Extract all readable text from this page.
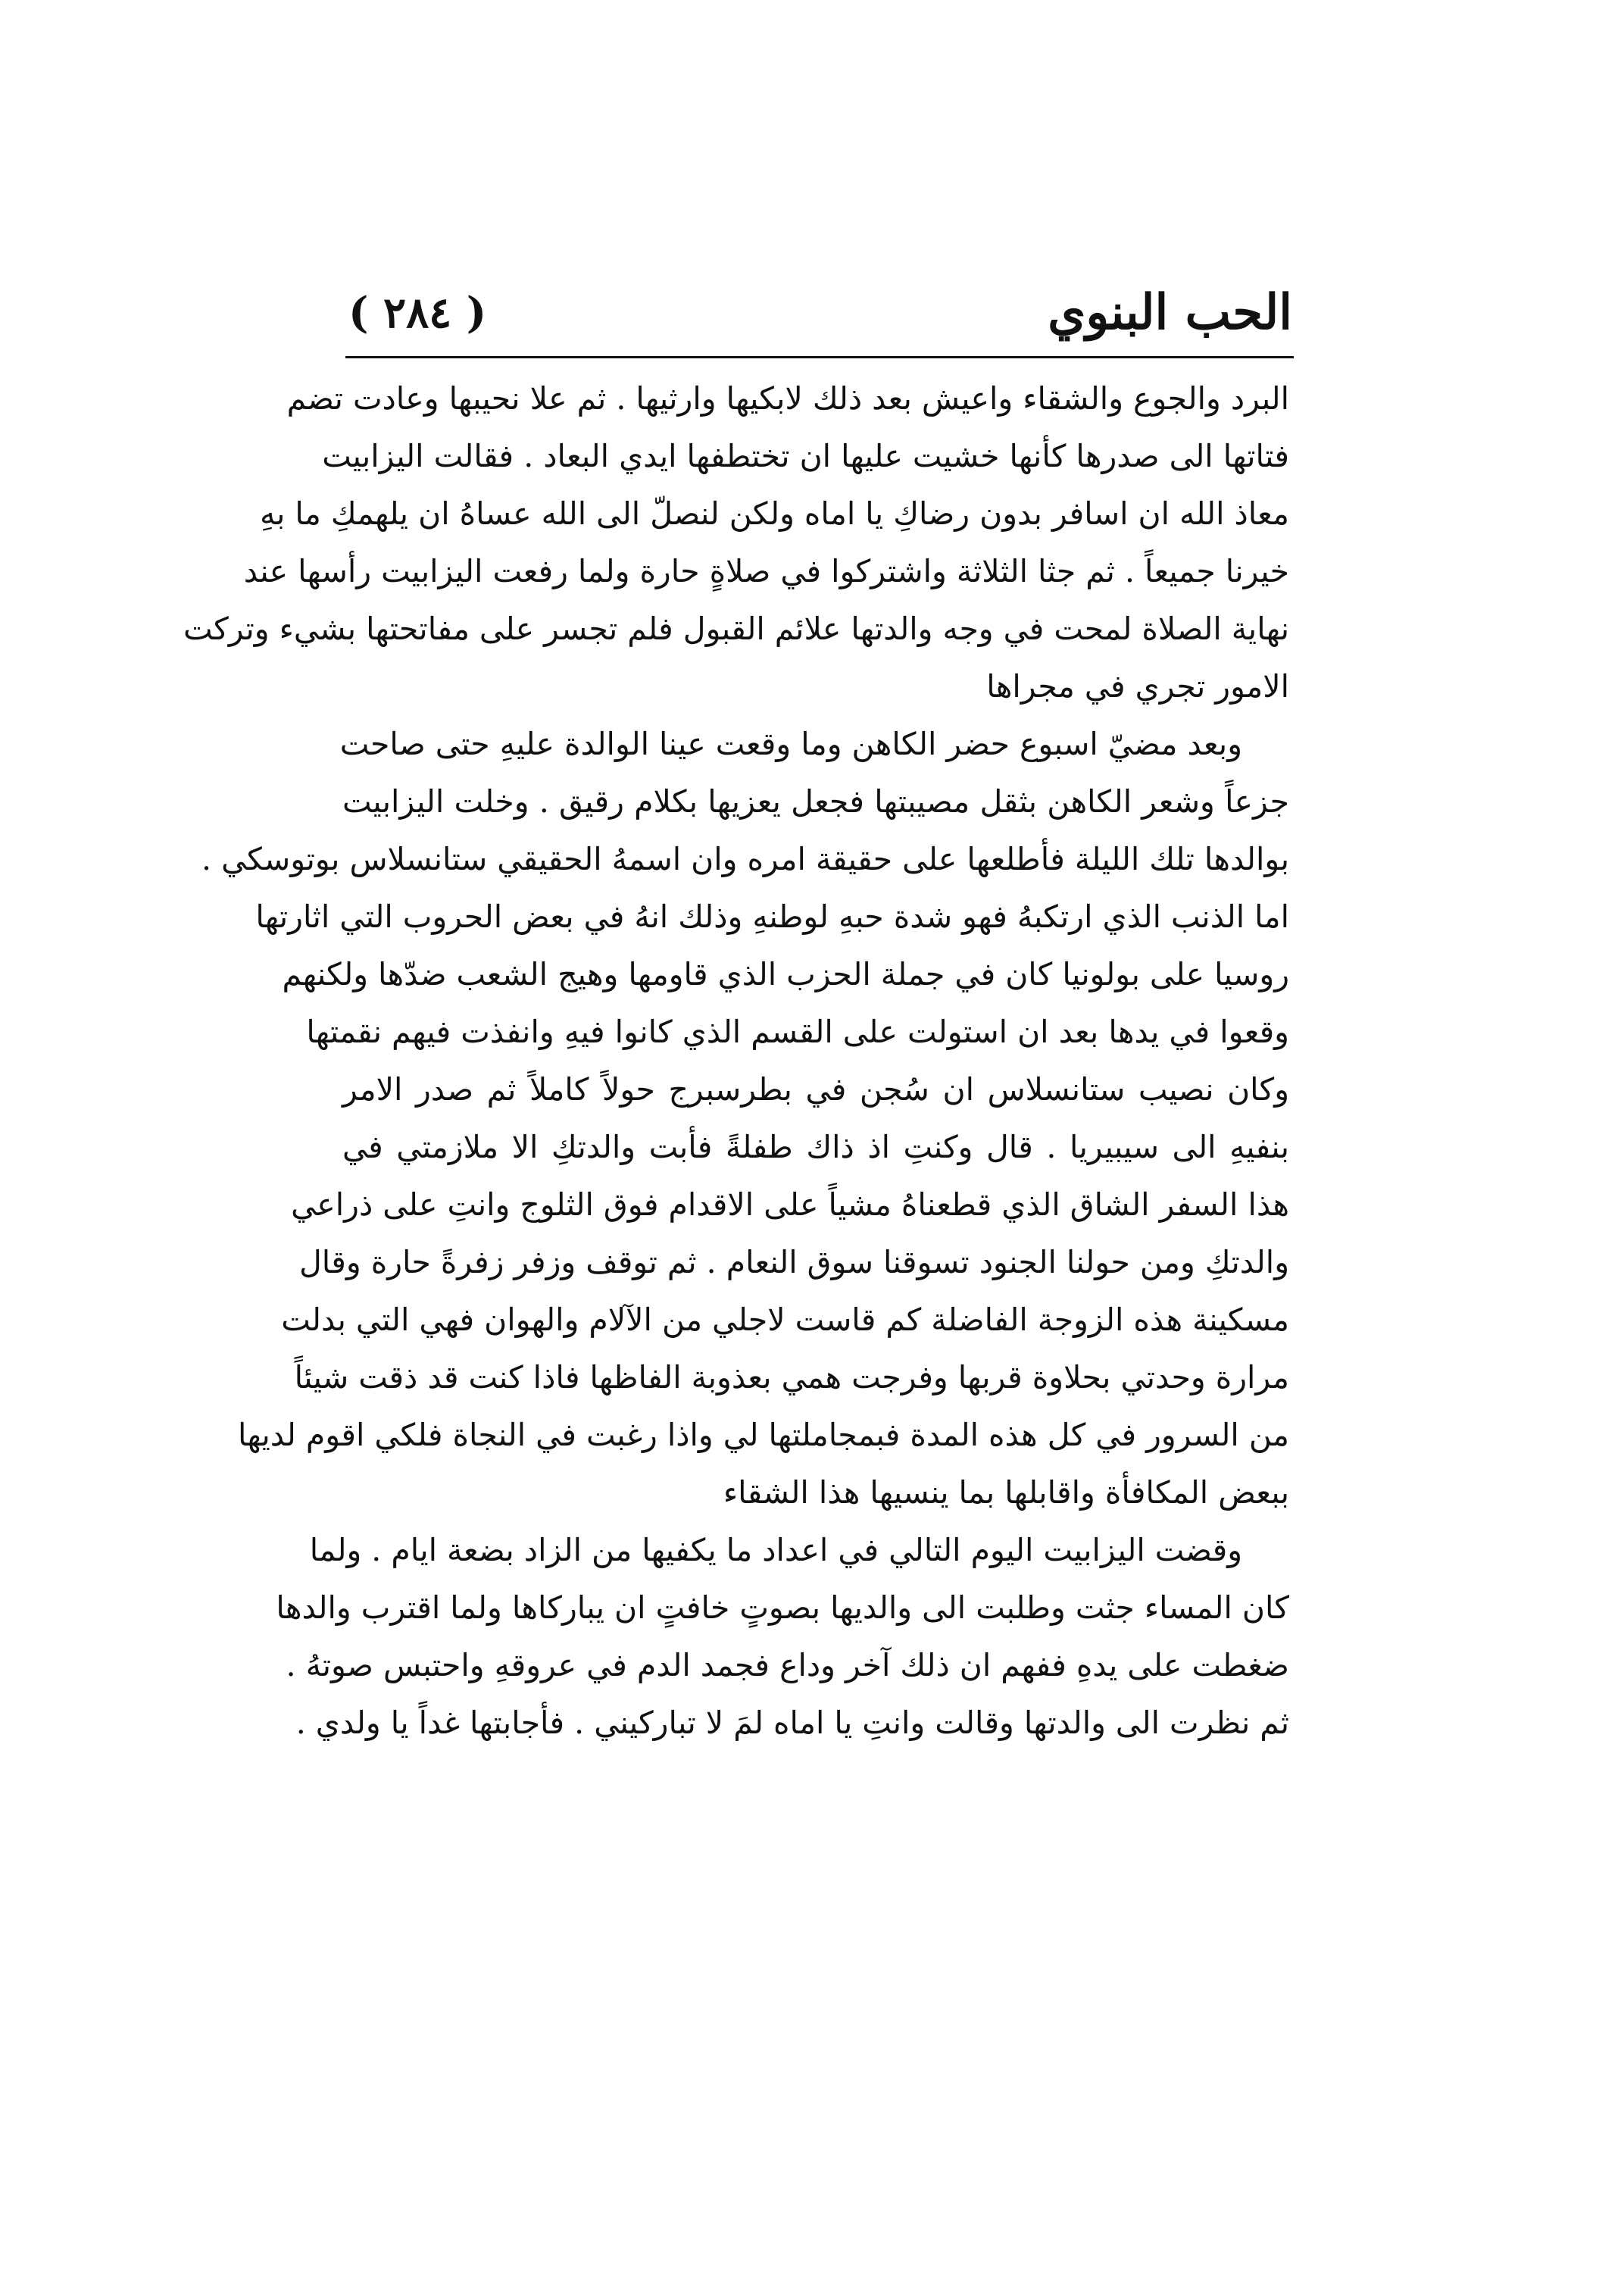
( ٢٨٤ )	الحب البنوي
البرد والجوع والشقاء واعيش بعد ذلك لابكيها وارثيها . ثم علا نحيبها وعادت تضم
فتاتها الى صدرها كأنها خشيت عليها ان تختطفها ايدي البعاد . فقالت اليزابيت
معاذ الله ان اسافر بدون رضاكِ يا اماه ولكن لنصلّ الى الله عساهُ ان يلهمكِ ما بهِ
خيرنا جميعاً . ثم جثا الثلاثة واشتركوا في صلاةٍ حارة ولما رفعت اليزابيت رأسها عند
نهاية الصلاة لمحت في وجه والدتها علائم القبول فلم تجسر على مفاتحتها بشيء وتركت
الامور تجري في مجراها
وبعد مضيّ اسبوع حضر الكاهن وما وقعت عينا الوالدة عليهِ حتى صاحت
جزعاً وشعر الكاهن بثقل مصيبتها فجعل يعزيها بكلام رقيق . وخلت اليزابيت
بوالدها تلك الليلة فأطلعها على حقيقة امره وان اسمهُ الحقيقي ستانسلاس بوتوسكي .
اما الذنب الذي ارتكبهُ فهو شدة حبهِ لوطنهِ وذلك انهُ في بعض الحروب التي اثارتها
روسيا على بولونيا كان في جملة الحزب الذي قاومها وهيج الشعب ضدّها ولكنهم
وقعوا في يدها بعد ان استولت على القسم الذي كانوا فيهِ وانفذت فيهم نقمتها
وكان نصيب ستانسلاس ان سُجن في بطرسبرج حولاً كاملاً ثم صدر الامر
بنفيهِ الى سيبيريا . قال وكنتِ اذ ذاك طفلةً فأبت والدتكِ الا ملازمتي في
هذا السفر الشاق الذي قطعناهُ مشياً على الاقدام فوق الثلوج وانتِ على ذراعي
والدتكِ ومن حولنا الجنود تسوقنا سوق النعام . ثم توقف وزفر زفرةً حارة وقال
مسكينة هذه الزوجة الفاضلة كم قاست لاجلي من الآلام والهوان فهي التي بدلت
مرارة وحدتي بحلاوة قربها وفرجت همي بعذوبة الفاظها فاذا كنت قد ذقت شيئاً
من السرور في كل هذه المدة فبمجاملتها لي واذا رغبت في النجاة فلكي اقوم لديها
ببعض المكافأة واقابلها بما ينسيها هذا الشقاء
وقضت اليزابيت اليوم التالي في اعداد ما يكفيها من الزاد بضعة ايام . ولما
كان المساء جثت وطلبت الى والديها بصوتٍ خافتٍ ان يباركاها ولما اقترب والدها
ضغطت على يدهِ ففهم ان ذلك آخر وداع فجمد الدم في عروقهِ واحتبس صوتهُ .
ثم نظرت الى والدتها وقالت وانتِ يا اماه لمَ لا تباركيني . فأجابتها غداً يا ولدي .
